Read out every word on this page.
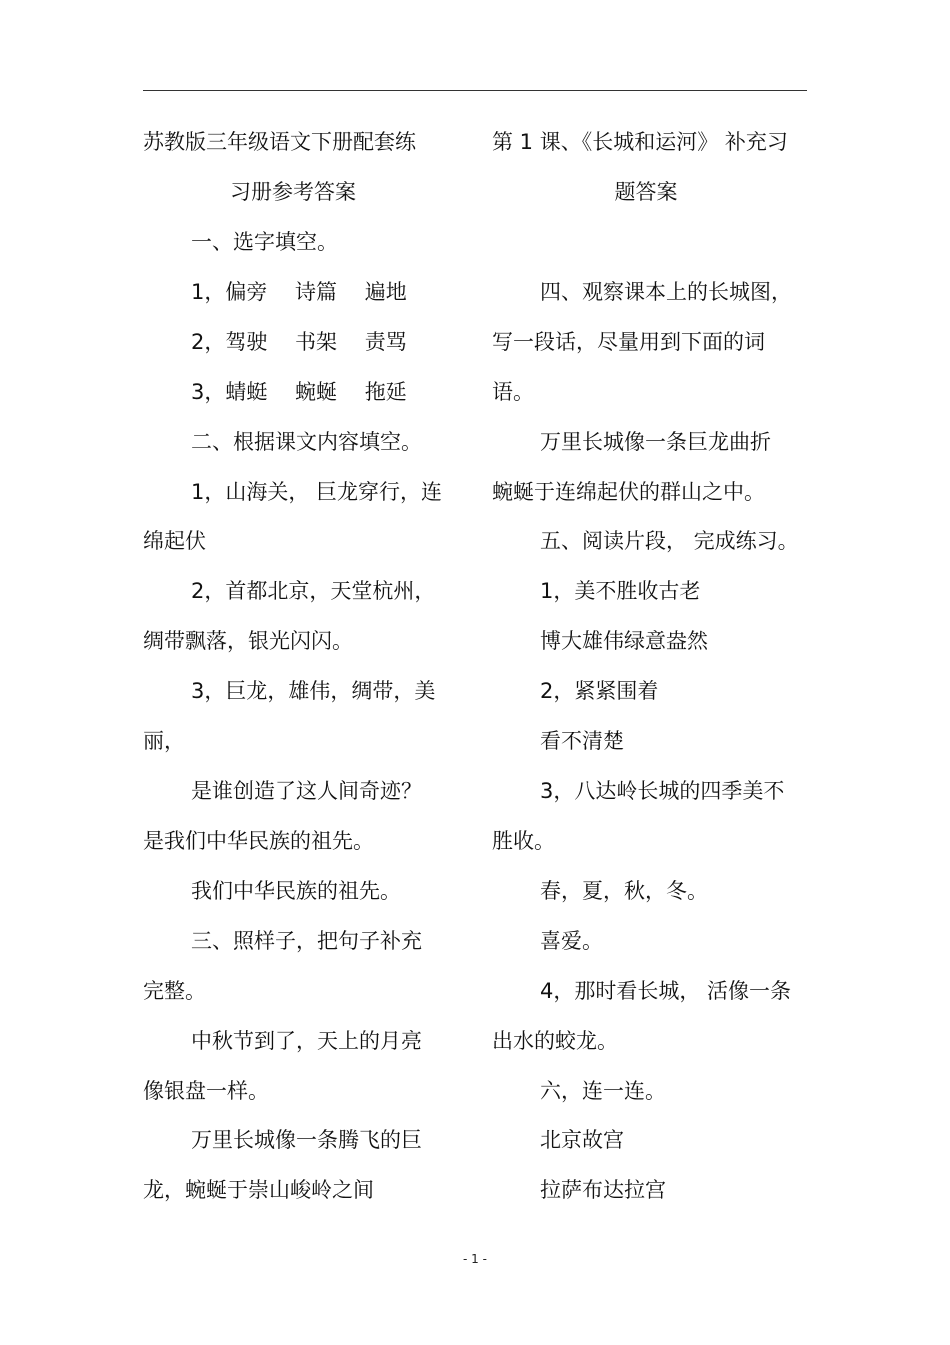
苏教版三年级语文下册配套练
习册参考答案
一、选字填空。
1，偏旁　 诗篇　 遍地
2，驾驶　 书架　 责骂
3，蜻蜓　 蜿蜒　 拖延
二、根据课文内容填空。
1，山海关， 巨龙穿行，连
绵起伏
2，首都北京，天堂杭州，
绸带飘落，银光闪闪。
3，巨龙，雄伟，绸带，美
丽，
是谁创造了这人间奇迹？
是我们中华民族的祖先。
我们中华民族的祖先。
三、照样子，把句子补充
完整。
中秋节到了，天上的月亮
像银盘一样。
万里长城像一条腾飞的巨
龙，蜿蜒于崇山峻岭之间
第 1 课、《长城和运河》 补充习
题答案
四、观察课本上的长城图，
写一段话，尽量用到下面的词
语。
万里长城像一条巨龙曲折
蜿蜒于连绵起伏的群山之中。
五、阅读片段， 完成练习。
1，美不胜收古老
博大雄伟绿意盎然
2，紧紧围着
看不清楚
3，八达岭长城的四季美不
胜收。
春，夏，秋，冬。
喜爱。
4，那时看长城， 活像一条
出水的蛟龙。
六，连一连。
北京故宫
拉萨布达拉宫
- 1 -
